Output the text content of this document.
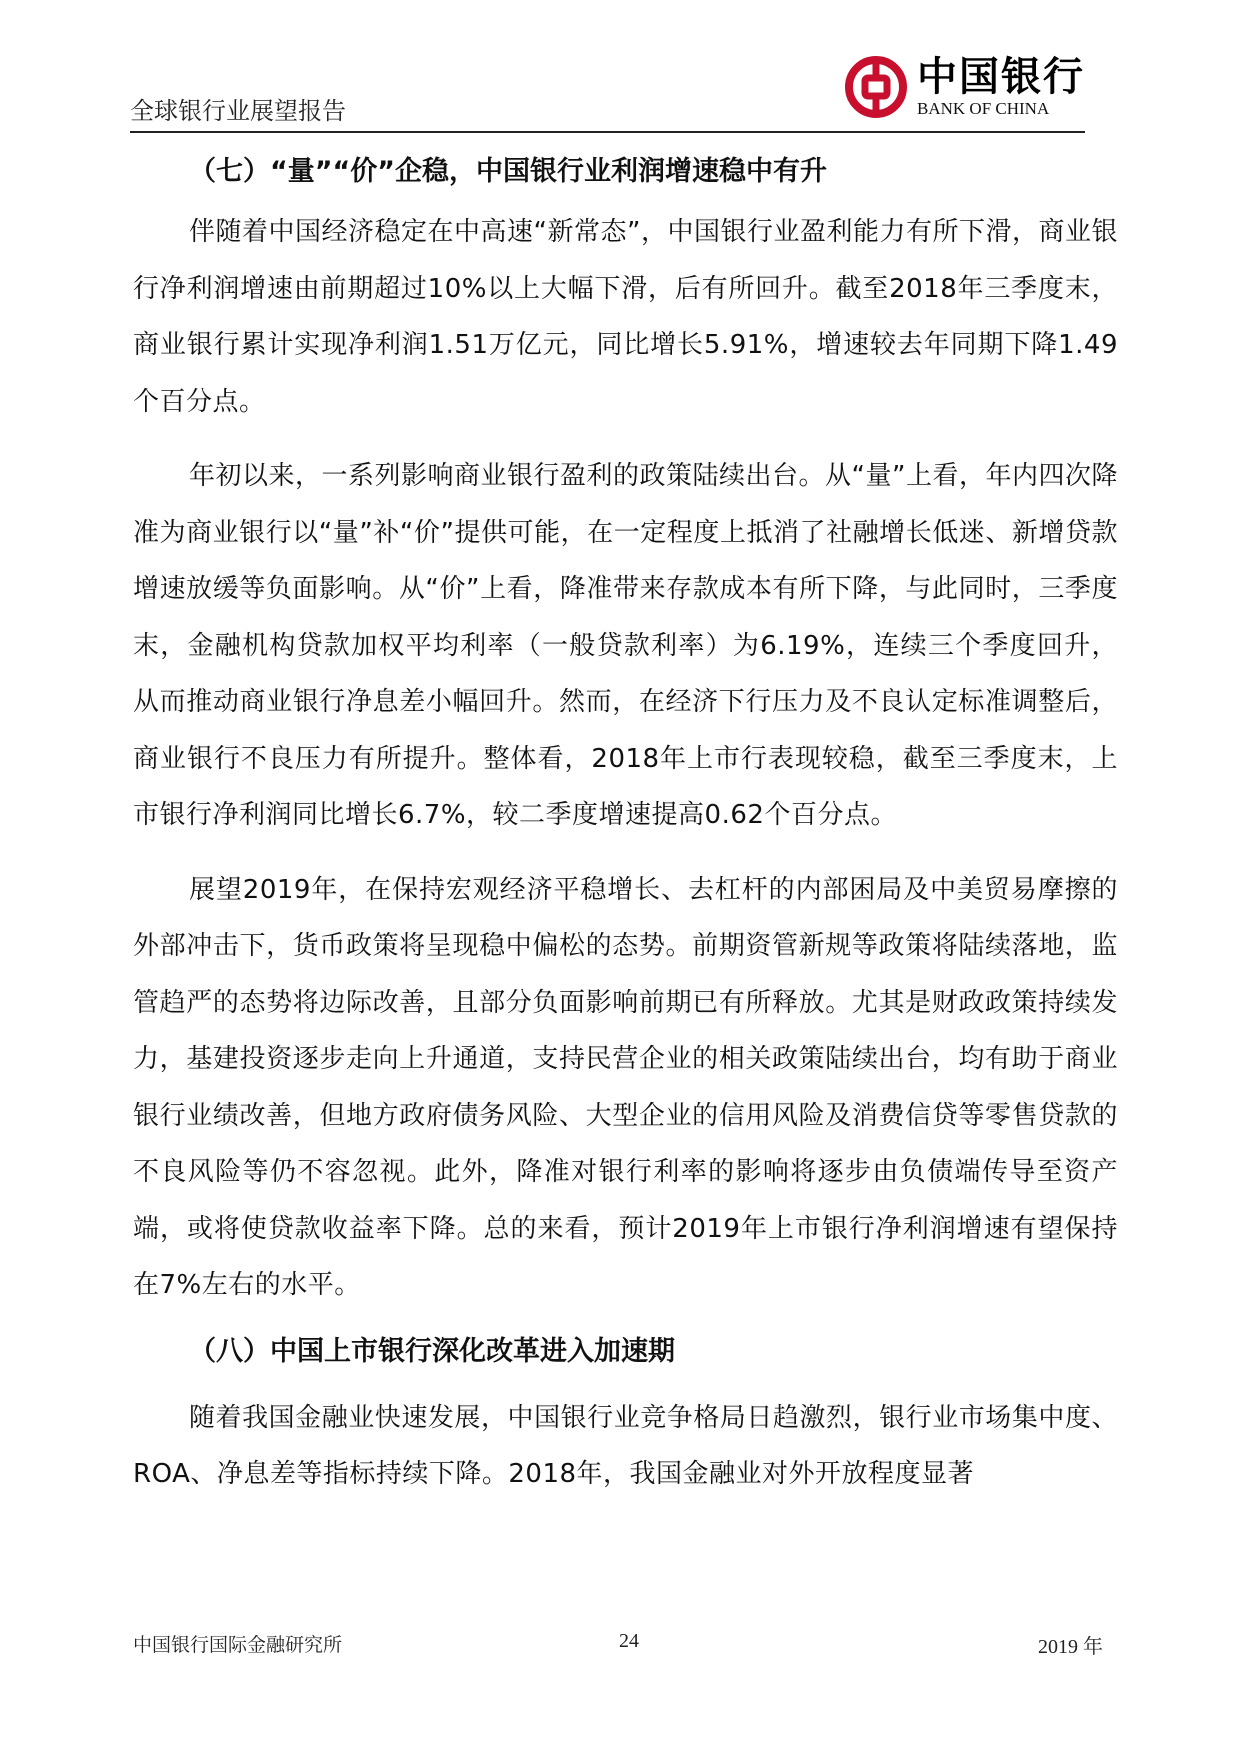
全球银行业展望报告
中国银行
BANK OF CHINA
（七）“量”“价”企稳，中国银行业利润增速稳中有升

伴随着中国经济稳定在中高速“新常态”，中国银行业盈利能力有所下滑，商业银行净利润增速由前期超过10%以上大幅下滑，后有所回升。截至2018年三季度末，商业银行累计实现净利润1.51万亿元，同比增长5.91%，增速较去年同期下降1.49个百分点。

年初以来，一系列影响商业银行盈利的政策陆续出台。从“量”上看，年内四次降准为商业银行以“量”补“价”提供可能，在一定程度上抵消了社融增长低迷、新增贷款增速放缓等负面影响。从“价”上看，降准带来存款成本有所下降，与此同时，三季度末，金融机构贷款加权平均利率（一般贷款利率）为6.19%，连续三个季度回升，从而推动商业银行净息差小幅回升。然而，在经济下行压力及不良认定标准调整后，商业银行不良压力有所提升。整体看，2018年上市行表现较稳，截至三季度末，上市银行净利润同比增长6.7%，较二季度增速提高0.62个百分点。

展望2019年，在保持宏观经济平稳增长、去杠杆的内部困局及中美贸易摩擦的外部冲击下，货币政策将呈现稳中偏松的态势。前期资管新规等政策将陆续落地，监管趋严的态势将边际改善，且部分负面影响前期已有所释放。尤其是财政政策持续发力，基建投资逐步走向上升通道，支持民营企业的相关政策陆续出台，均有助于商业银行业绩改善，但地方政府债务风险、大型企业的信用风险及消费信贷等零售贷款的不良风险等仍不容忽视。此外，降准对银行利率的影响将逐步由负债端传导至资产端，或将使贷款收益率下降。总的来看，预计2019年上市银行净利润增速有望保持在7%左右的水平。

（八）中国上市银行深化改革进入加速期

随着我国金融业快速发展，中国银行业竞争格局日趋激烈，银行业市场集中度、ROA、净息差等指标持续下降。2018年，我国金融业对外开放程度显著

中国银行国际金融研究所	24	2019 年
